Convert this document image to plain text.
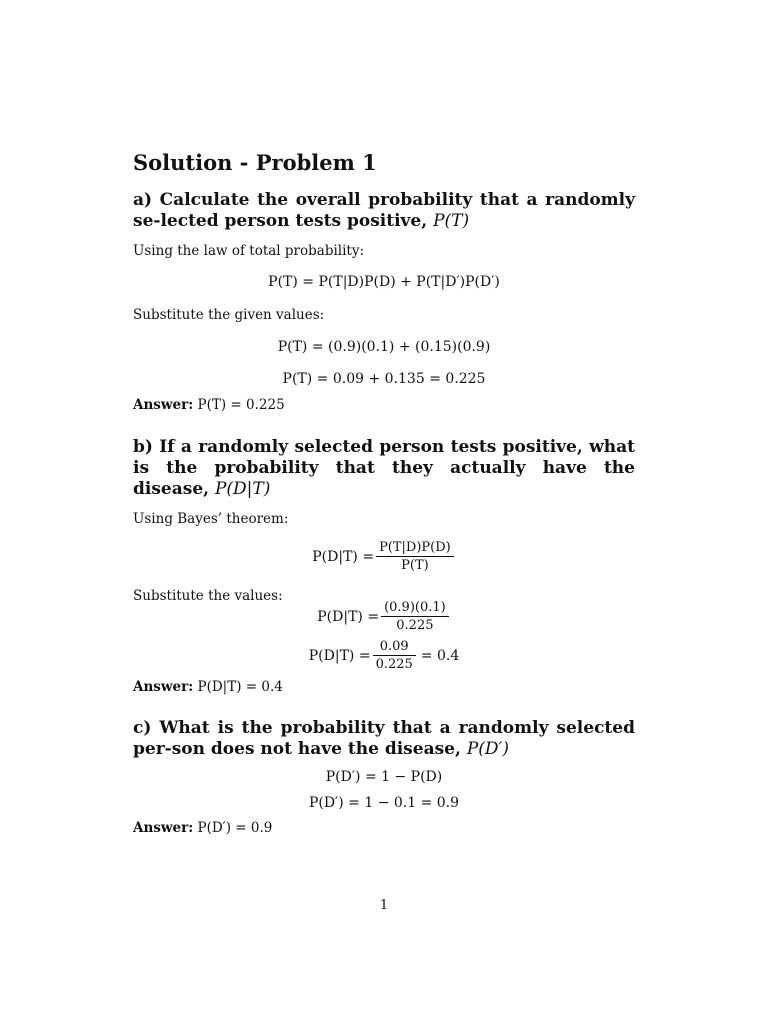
Solution - Problem 1
a) Calculate the overall probability that a randomly se-lected person tests positive, P(T)
Using the law of total probability:
P(T) = P(T|D)P(D) + P(T|D′)P(D′)
Substitute the given values:
P(T) = (0.9)(0.1) + (0.15)(0.9)
P(T) = 0.09 + 0.135 = 0.225
Answer: P(T) = 0.225
b) If a randomly selected person tests positive, what is the probability that they actually have the disease, P(D|T)
Using Bayes’ theorem:
$P(D|T) = \frac{P(T|D)P(D)}{P(T)}$
Substitute the values:
$P(D|T) = \frac{(0.9)(0.1)}{0.225}$
$P(D|T) = \frac{0.09}{0.225} = 0.4$
Answer: P(D|T) = 0.4
c) What is the probability that a randomly selected per-son does not have the disease, P(D′)
P(D′) = 1 − P(D)
P(D′) = 1 − 0.1 = 0.9
Answer: P(D′) = 0.9
1
